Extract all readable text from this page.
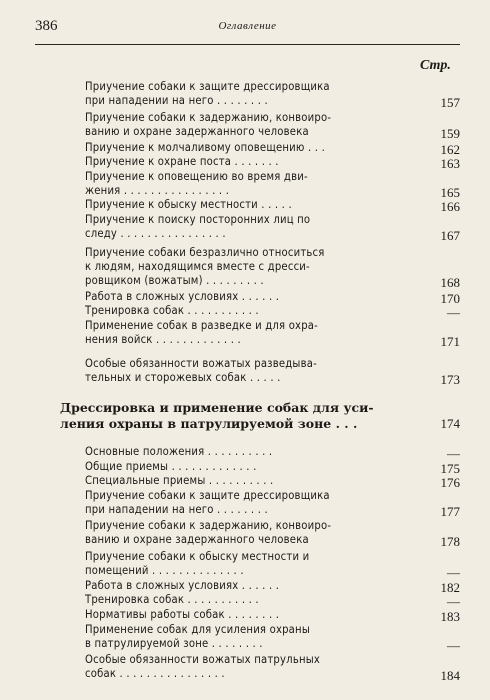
386	Оглавление
Стр.
Приучение собаки к защите дрессировщика
при нападении на него . . . . . . . .	157
Приучение собаки к задержанию, конвоиро-
ванию и охране задержанного человека	159
Приучение к молчаливому оповещению . . .	162
Приучение к охране поста . . . . . . .	163
Приучение к оповещению во время дви-
жения . . . . . . . . . . . . . . . .	165
Приучение к обыску местности . . . . .	166
Приучение к поиску посторонних лиц по
следу . . . . . . . . . . . . . . . .	167
Приучение собаки безразлично относиться
к людям, находящимся вместе с дресси-
ровщиком (вожатым) . . . . . . . . .	168
Работа в сложных условиях . . . . . .	170
Тренировка собак . . . . . . . . . . .	—
Применение собак в разведке и для охра-
нения войск . . . . . . . . . . . . .	171
Особые обязанности вожатых разведыва-
тельных и сторожевых собак . . . . .	173
Дрессировка и применение собак для уси-
ления охраны в патрулируемой зоне . . .	174
Основные положения . . . . . . . . . .	—
Общие приемы . . . . . . . . . . . . .	175
Специальные приемы . . . . . . . . . .	176
Приучение собаки к защите дрессировщика
при нападении на него . . . . . . . .	177
Приучение собаки к задержанию, конвоиро-
ванию и охране задержанного человека	178
Приучение собаки к обыску местности и
помещений . . . . . . . . . . . . . .	—
Работа в сложных условиях . . . . . .	182
Тренировка собак . . . . . . . . . . .	—
Нормативы работы собак . . . . . . . .	183
Применение собак для усиления охраны
в патрулируемой зоне . . . . . . . .	—
Особые обязанности вожатых патрульных
собак . . . . . . . . . . . . . . . .	184
